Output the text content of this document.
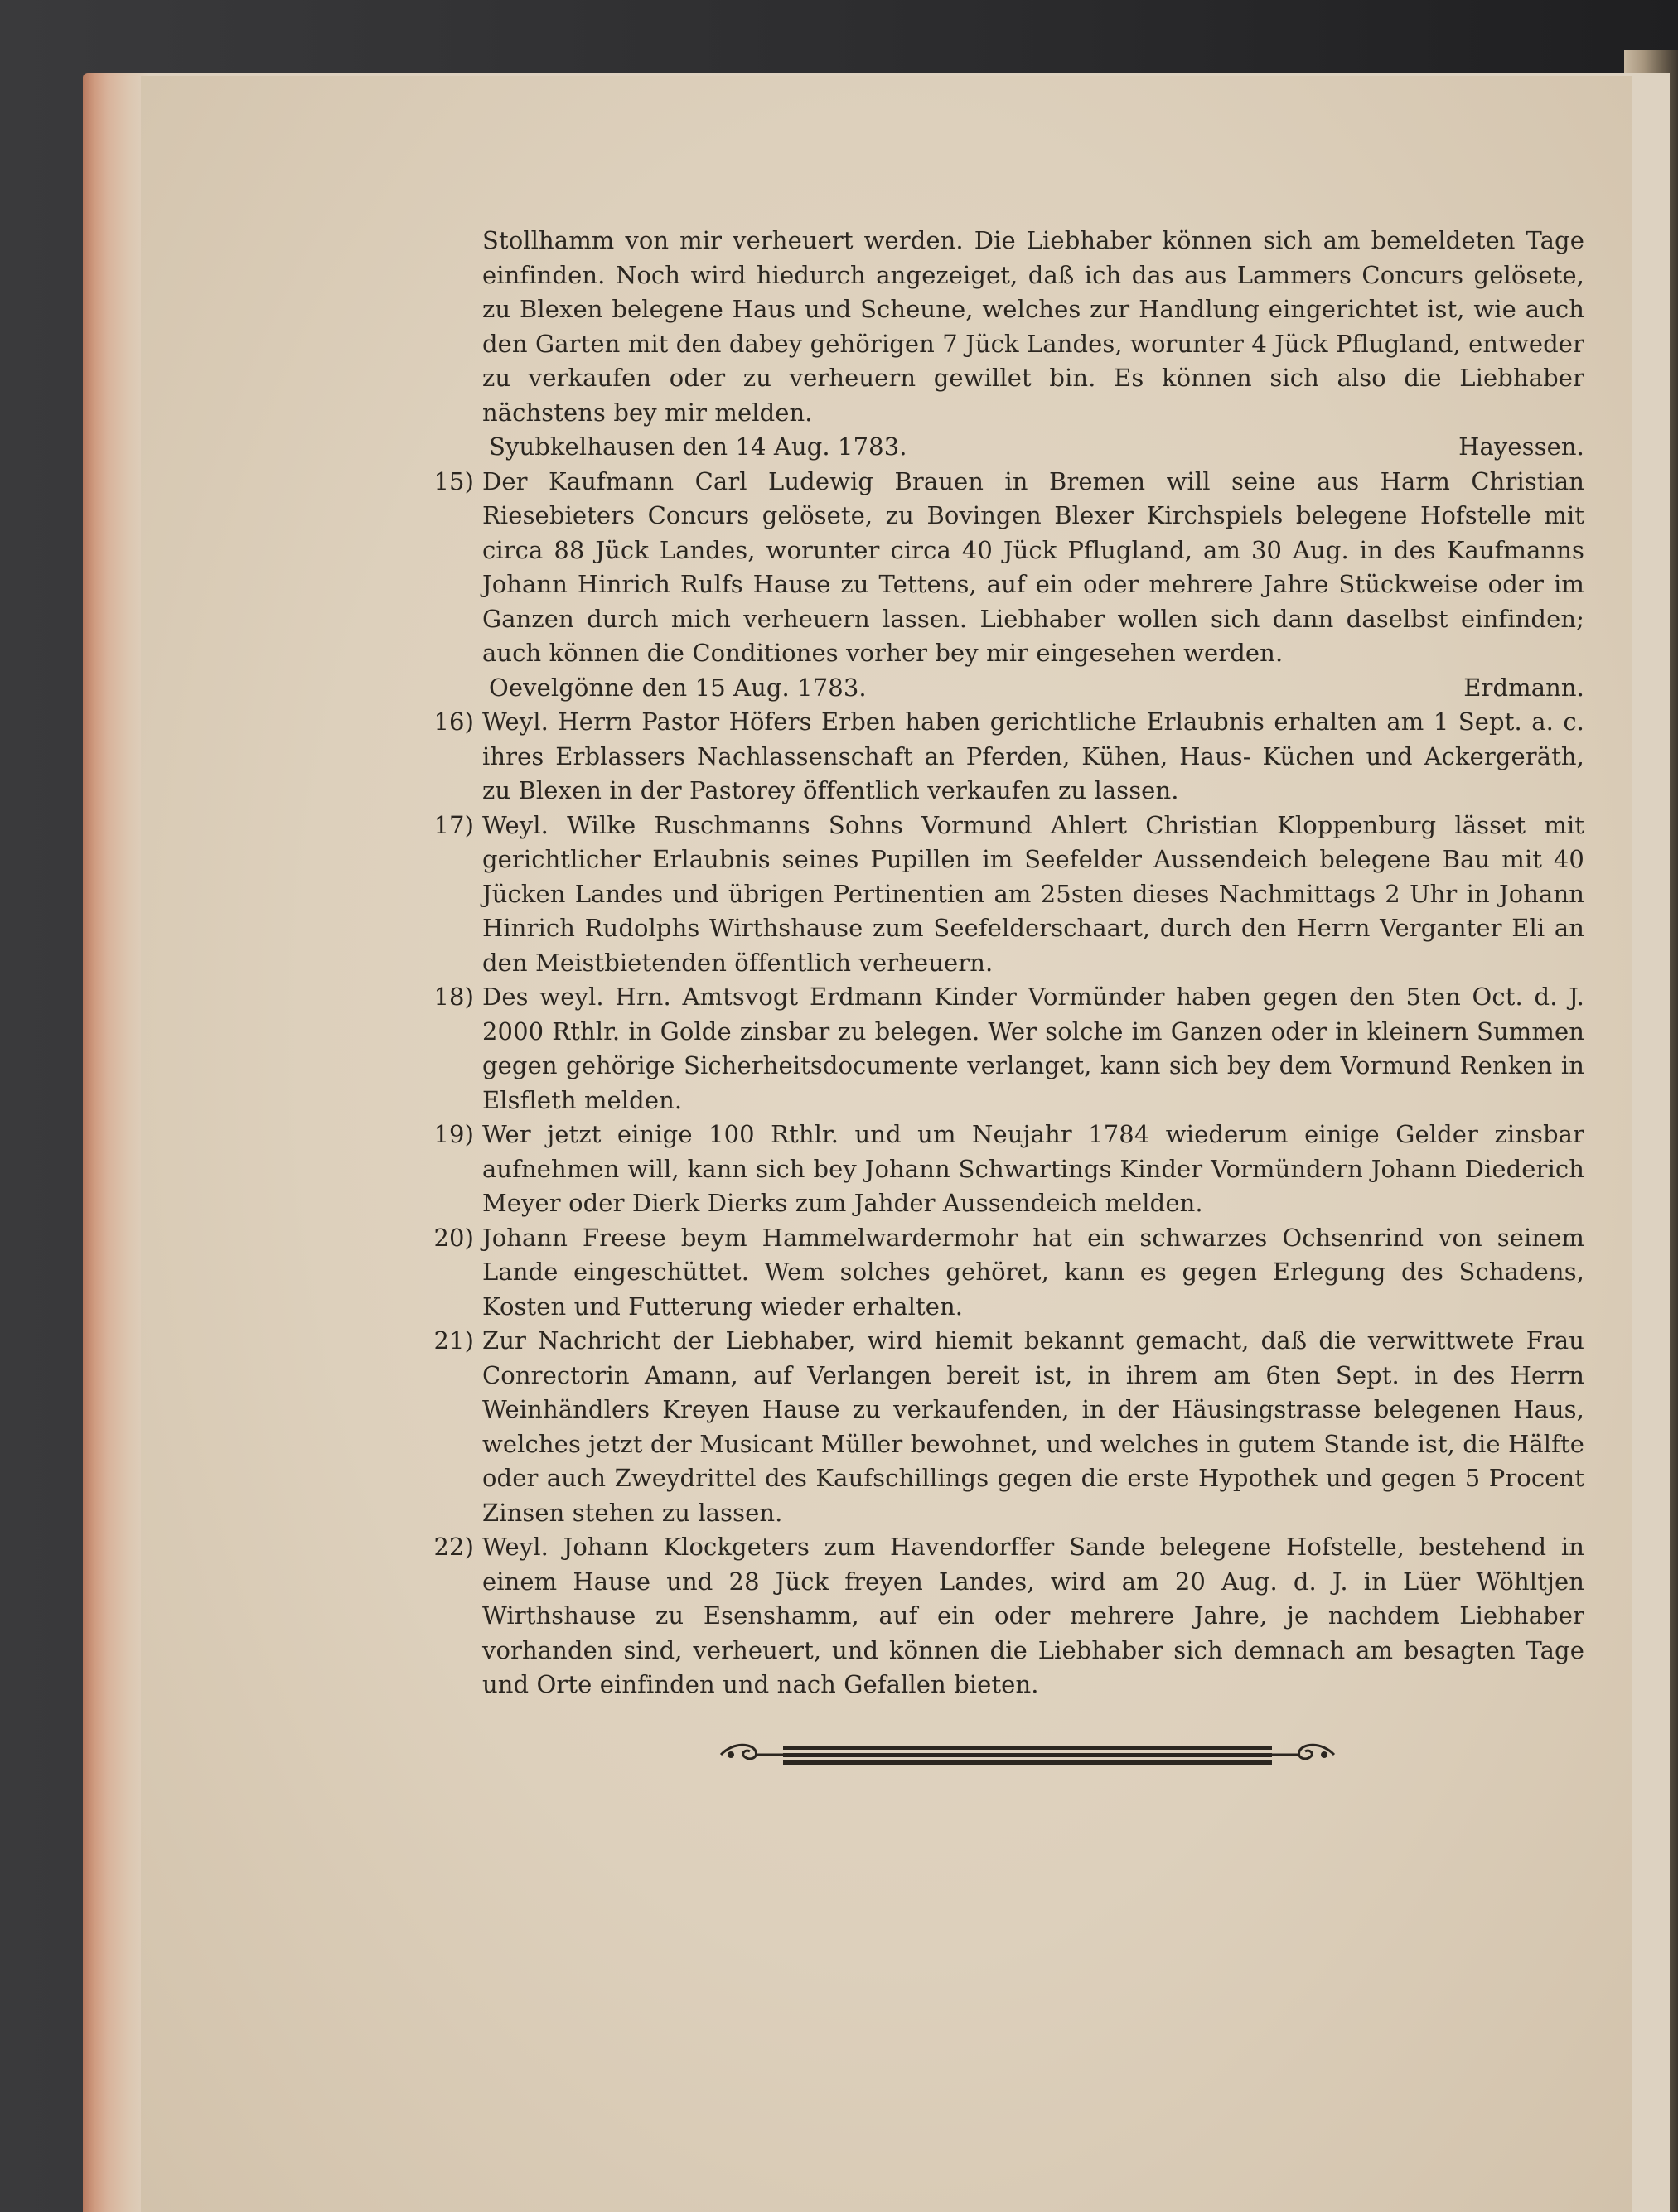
Stollhamm von mir verheuert werden. Die Liebhaber können sich am bemeldeten Tage einfinden. Noch wird hiedurch angezeiget, daß ich das aus Lammers Concurs gelösete, zu Blexen belegene Haus und Scheune, welches zur Handlung eingerichtet ist, wie auch den Garten mit den dabey gehörigen 7 Jück Landes, worunter 4 Jück Pflugland, entweder zu verkaufen oder zu verheuern gewillet bin. Es können sich also die Liebhaber nächstens bey mir melden.

Syubkelhausen den 14 Aug. 1783.	Hayessen.
15) Der Kaufmann Carl Ludewig Brauen in Bremen will seine aus Harm Christian Riesebieters Concurs gelösete, zu Bovingen Blexer Kirchspiels belegene Hofstelle mit circa 88 Jück Landes, worunter circa 40 Jück Pflugland, am 30 Aug. in des Kaufmanns Johann Hinrich Rulfs Hause zu Tettens, auf ein oder mehrere Jahre Stückweise oder im Ganzen durch mich verheuern lassen. Liebhaber wollen sich dann daselbst einfinden; auch können die Conditiones vorher bey mir eingesehen werden.

Oevelgönne den 15 Aug. 1783.	Erdmann.
16) Weyl. Herrn Pastor Höfers Erben haben gerichtliche Erlaubnis erhalten am 1 Sept. a. c. ihres Erblassers Nachlassenschaft an Pferden, Kühen, Haus- Küchen und Ackergeräth, zu Blexen in der Pastorey öffentlich verkaufen zu lassen.

17) Weyl. Wilke Ruschmanns Sohns Vormund Ahlert Christian Kloppenburg lässet mit gerichtlicher Erlaubnis seines Pupillen im Seefelder Aussendeich belegene Bau mit 40 Jücken Landes und übrigen Pertinentien am 25sten dieses Nachmittags 2 Uhr in Johann Hinrich Rudolphs Wirthshause zum Seefelderschaart, durch den Herrn Verganter Eli an den Meistbietenden öffentlich verheuern.

18) Des weyl. Hrn. Amtsvogt Erdmann Kinder Vormünder haben gegen den 5ten Oct. d. J. 2000 Rthlr. in Golde zinsbar zu belegen. Wer solche im Ganzen oder in kleinern Summen gegen gehörige Sicherheitsdocumente verlanget, kann sich bey dem Vormund Renken in Elsfleth melden.

19) Wer jetzt einige 100 Rthlr. und um Neujahr 1784 wiederum einige Gelder zinsbar aufnehmen will, kann sich bey Johann Schwartings Kinder Vormündern Johann Diederich Meyer oder Dierk Dierks zum Jahder Aussendeich melden.

20) Johann Freese beym Hammelwardermohr hat ein schwarzes Ochsenrind von seinem Lande eingeschüttet. Wem solches gehöret, kann es gegen Erlegung des Schadens, Kosten und Futterung wieder erhalten.

21) Zur Nachricht der Liebhaber, wird hiemit bekannt gemacht, daß die verwittwete Frau Conrectorin Amann, auf Verlangen bereit ist, in ihrem am 6ten Sept. in des Herrn Weinhändlers Kreyen Hause zu verkaufenden, in der Häusingstrasse belegenen Haus, welches jetzt der Musicant Müller bewohnet, und welches in gutem Stande ist, die Hälfte oder auch Zweydrittel des Kaufschillings gegen die erste Hypothek und gegen 5 Procent Zinsen stehen zu lassen.

22) Weyl. Johann Klockgeters zum Havendorffer Sande belegene Hofstelle, bestehend in einem Hause und 28 Jück freyen Landes, wird am 20 Aug. d. J. in Lüer Wöhltjen Wirthshause zu Esenshamm, auf ein oder mehrere Jahre, je nachdem Liebhaber vorhanden sind, verheuert, und können die Liebhaber sich demnach am besagten Tage und Orte einfinden und nach Gefallen bieten.
